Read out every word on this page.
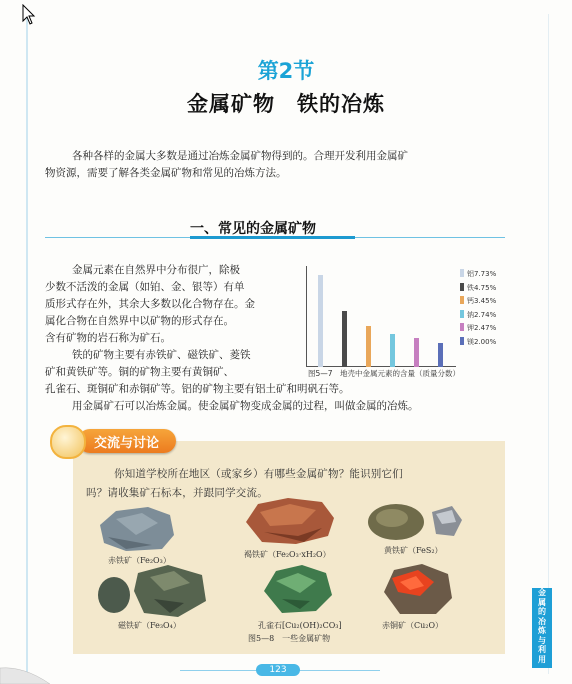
第2节
金属矿物　铁的冶炼
各种各样的金属大多数是通过冶炼金属矿物得到的。合理开发利用金属矿
物资源，需要了解各类金属矿物和常见的冶炼方法。
一、常见的金属矿物
金属元素在自然界中分布很广，除极
少数不活泼的金属（如铂、金、银等）有单
质形式存在外，其余大多数以化合物存在。金
属化合物在自然界中以矿物的形式存在。
含有矿物的岩石称为矿石。
铁的矿物主要有赤铁矿、磁铁矿、菱铁
矿和黄铁矿等。铜的矿物主要有黄铜矿、
孔雀石、斑铜矿和赤铜矿等。铝的矿物主要有铝土矿和明矾石等。
用金属矿石可以冶炼金属。使金属矿物变成金属的过程，叫做金属的冶炼。
铝7.73%
铁4.75%
钙3.45%
钠2.74%
钾2.47%
镁2.00%
图5—7　地壳中金属元素的含量（质量分数）
交流与讨论
你知道学校所在地区（或家乡）有哪些金属矿物？能识别它们
吗？请收集矿石标本，并跟同学交流。
赤铁矿（Fe₂O₃）
褐铁矿（Fe₂O₃·xH₂O）	黄铁矿（FeS₂）
磁铁矿（Fe₃O₄）	孔雀石[Cu₂(OH)₂CO₃]	赤铜矿（Cu₂O）
图5—8　一些金属矿物
123
金
属
的
冶
炼
与
利
用
